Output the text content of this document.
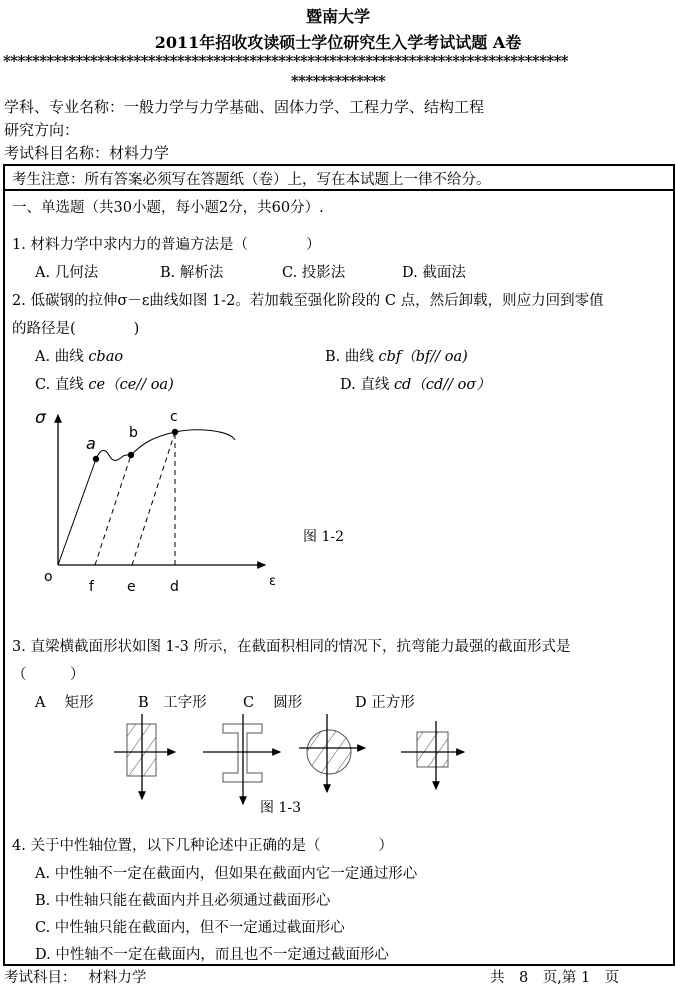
暨南大学
2011年招收攻读硕士学位研究生入学考试试题 A卷
******************************************************************************
*************
学科、专业名称：一般力学与力学基础、固体力学、工程力学、结构工程
研究方向：
考试科目名称：材料力学
考生注意：所有答案必须写在答题纸（卷）上，写在本试题上一律不给分。
一、单选题（共30小题，每小题2分，共60分）.
1. 材料力学中求内力的普遍方法是（　　　　）
A. 几何法	B. 解析法	C. 投影法	D. 截面法
2. 低碳钢的拉伸σ－ε曲线如图 1-2。若加载至强化阶段的 C 点，然后卸载，则应力回到零值
的路径是(　　　　)
A. 曲线 cbao	B. 曲线 cbf（bf// oa)
C. 直线 ce（ce// oa)	D. 直线 cd（cd// oσ）
σ
ε
o
a
b
c
d
e
f
图 1-2
3. 直梁横截面形状如图 1-3 所示，在截面积相同的情况下，抗弯能力最强的截面形式是
（　　　）
A　 矩形	B　工字形	C　 圆形	D 正方形
图 1-3
4. 关于中性轴位置，以下几种论述中正确的是（　　　　）
A. 中性轴不一定在截面内，但如果在截面内它一定通过形心
B. 中性轴只能在截面内并且必须通过截面形心
C. 中性轴只能在截面内，但不一定通过截面形心
D. 中性轴不一定在截面内，而且也不一定通过截面形心
考试科目：　 材料力学	共　8　页,第 1　页
